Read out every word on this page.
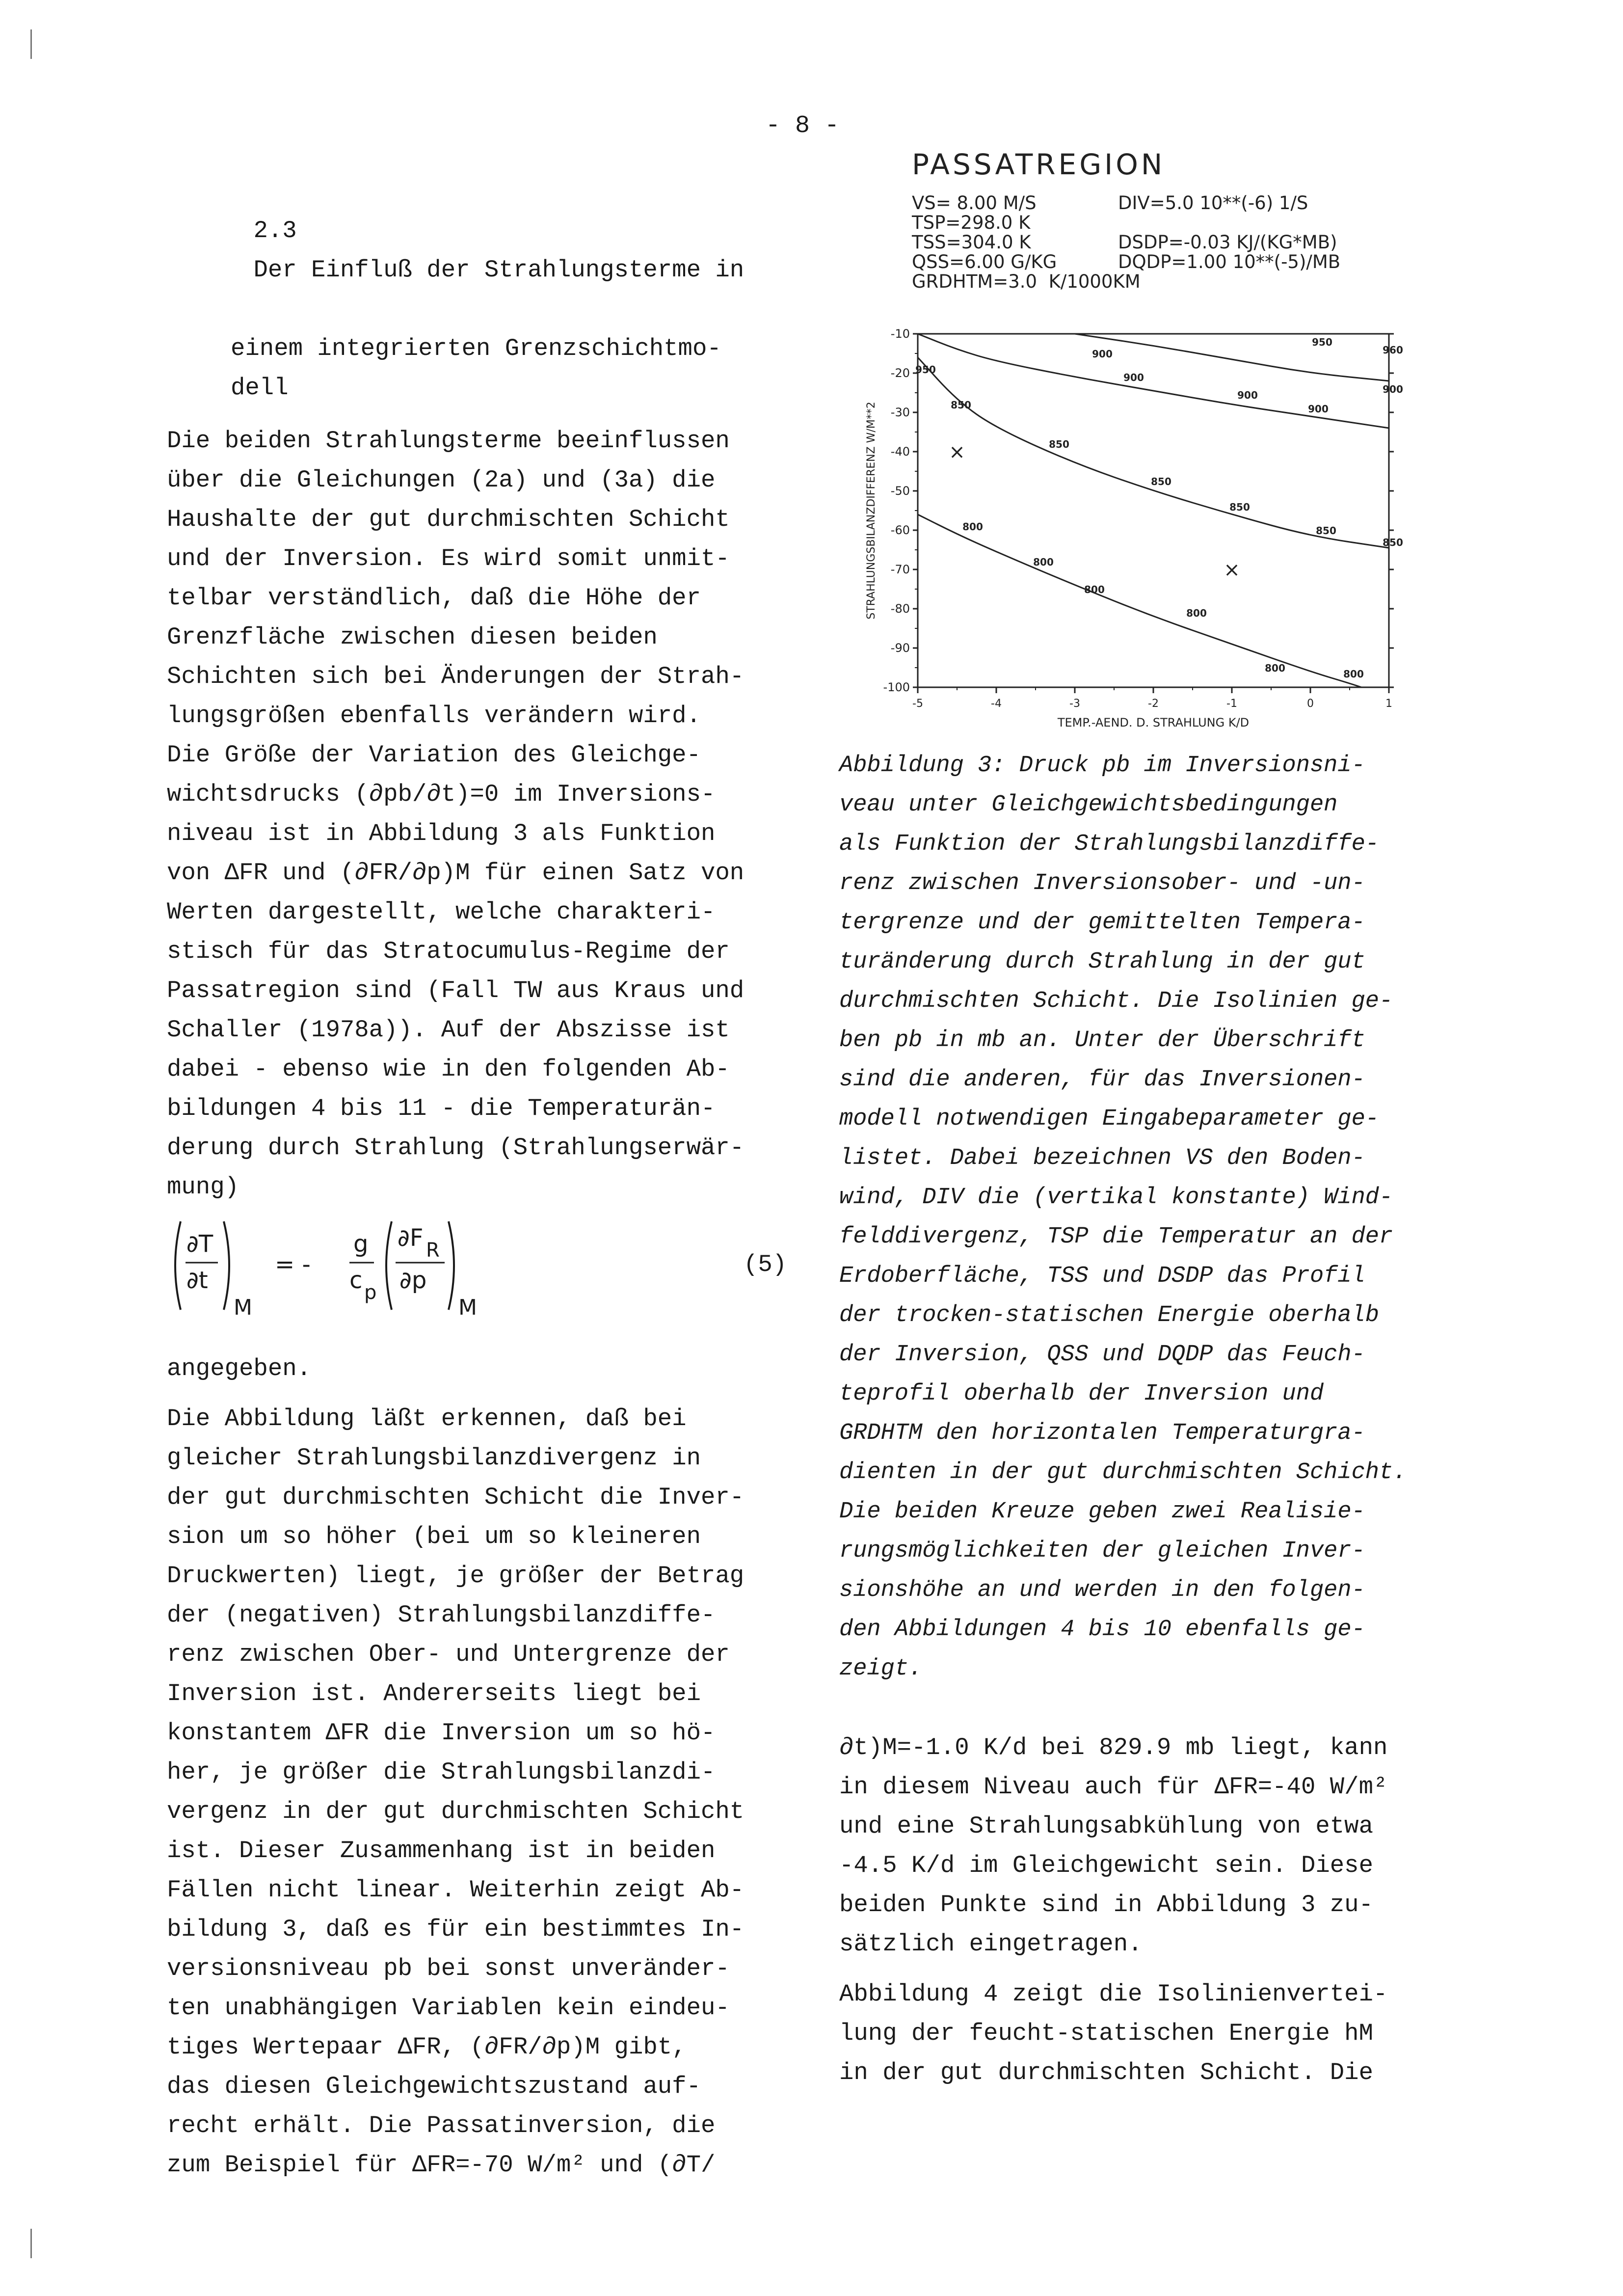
- 8 -

2.3
Der Einfluß der Strahlungsterme in

einem integrierten Grenzschichtmo-
dell
Die beiden Strahlungsterme beeinflussen
über die Gleichungen (2a) und (3a) die
Haushalte der gut durchmischten Schicht
und der Inversion. Es wird somit unmit-
telbar verständlich, daß die Höhe der
Grenzfläche zwischen diesen beiden
Schichten sich bei Änderungen der Strah-
lungsgrößen ebenfalls verändern wird.
Die Größe der Variation des Gleichge-
wichtsdrucks (∂pb/∂t)=0 im Inversions-
niveau ist in Abbildung 3 als Funktion
von ΔFR und (∂FR/∂p)M für einen Satz von
Werten dargestellt, welche charakteri-
stisch für das Stratocumulus-Regime der
Passatregion sind (Fall TW aus Kraus und
Schaller (1978a)). Auf der Abszisse ist
dabei - ebenso wie in den folgenden Ab-
bildungen 4 bis 11 - die Temperaturän-
derung durch Strahlung (Strahlungserwär-
mung)
∂T
∂t
M
= -
g
c p
∂F R
∂p
M
(5)
angegeben.
Die Abbildung läßt erkennen, daß bei
gleicher Strahlungsbilanzdivergenz in
der gut durchmischten Schicht die Inver-
sion um so höher (bei um so kleineren
Druckwerten) liegt, je größer der Betrag
der (negativen) Strahlungsbilanzdiffe-
renz zwischen Ober- und Untergrenze der
Inversion ist. Andererseits liegt bei
konstantem ΔFR die Inversion um so hö-
her, je größer die Strahlungsbilanzdi-
vergenz in der gut durchmischten Schicht
ist. Dieser Zusammenhang ist in beiden
Fällen nicht linear. Weiterhin zeigt Ab-
bildung 3, daß es für ein bestimmtes In-
versionsniveau pb bei sonst unveränder-
ten unabhängigen Variablen kein eindeu-
tiges Wertepaar ΔFR, (∂FR/∂p)M gibt,
das diesen Gleichgewichtszustand auf-
recht erhält. Die Passatinversion, die
zum Beispiel für ΔFR=-70 W/m² und (∂T/
PASSATREGION
VS= 8.00 M/S	DIV=5.0 10**(-6) 1/S
TSP=298.0 K
TSS=304.0 K	DSDP=-0.03 KJ/(KG*MB)
QSS=6.00 G/KG	DQDP=1.00 10**(-5)/MB
GRDHTM=3.0  K/1000KM
-10
-20
-30
-40
-50
-60
-70
-80
-90
-100
-5	-4	-3	-2	-1	0	1
TEMP.-AEND. D. STRAHLUNG K/D
STRAHLUNGSBILANZDIFFERENZ W/M**2
900
950
960
950
900
900
900
900
850
850
850
850
850
850
800
800
800
800
800	800
×
×
Abbildung 3: Druck pb im Inversionsni-
veau unter Gleichgewichtsbedingungen
als Funktion der Strahlungsbilanzdiffe-
renz zwischen Inversionsober- und -un-
tergrenze und der gemittelten Tempera-
turänderung durch Strahlung in der gut
durchmischten Schicht. Die Isolinien ge-
ben pb in mb an. Unter der Überschrift
sind die anderen, für das Inversionen-
modell notwendigen Eingabeparameter ge-
listet. Dabei bezeichnen VS den Boden-
wind, DIV die (vertikal konstante) Wind-
felddivergenz, TSP die Temperatur an der
Erdoberfläche, TSS und DSDP das Profil
der trocken-statischen Energie oberhalb
der Inversion, QSS und DQDP das Feuch-
teprofil oberhalb der Inversion und
GRDHTM den horizontalen Temperaturgra-
dienten in der gut durchmischten Schicht.
Die beiden Kreuze geben zwei Realisie-
rungsmöglichkeiten der gleichen Inver-
sionshöhe an und werden in den folgen-
den Abbildungen 4 bis 10 ebenfalls ge-
zeigt.
∂t)M=-1.0 K/d bei 829.9 mb liegt, kann
in diesem Niveau auch für ΔFR=-40 W/m²
und eine Strahlungsabkühlung von etwa
-4.5 K/d im Gleichgewicht sein. Diese
beiden Punkte sind in Abbildung 3 zu-
sätzlich eingetragen.
Abbildung 4 zeigt die Isolinienvertei-
lung der feucht-statischen Energie hM
in der gut durchmischten Schicht. Die
